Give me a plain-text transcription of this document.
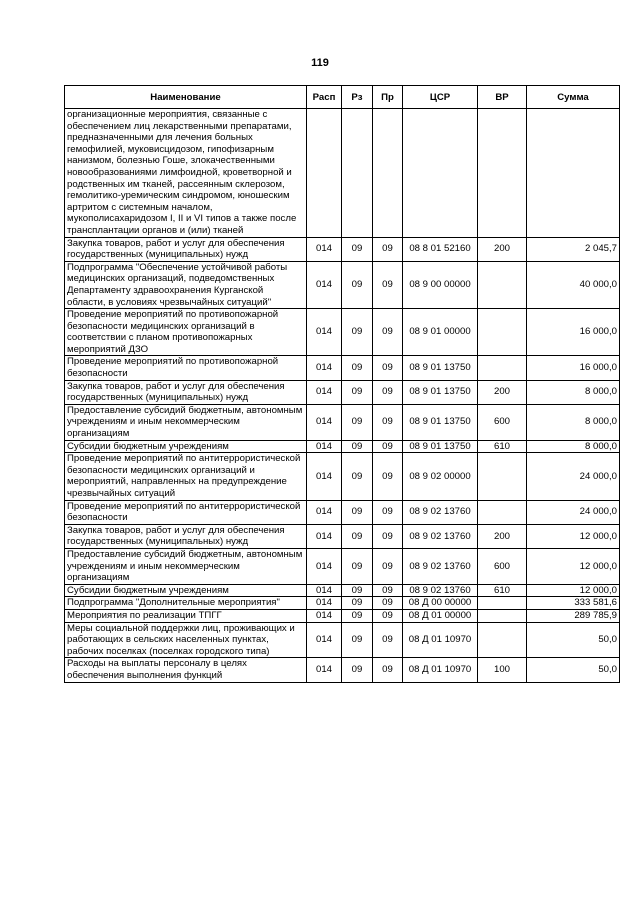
119
Наименование	Расп	Рз	Пр	ЦСР	ВР	Сумма
организационные мероприятия, связанные с обеспечением лиц лекарственными препаратами, предназначенными для лечения больных гемофилией, муковисцидозом, гипофизарным нанизмом, болезнью Гоше, злокачественными новообразованиями лимфоидной, кроветворной и родственных им тканей, рассеянным склерозом, гемолитико-уремическим синдромом, юношеским артритом с системным началом, мукополисахаридозом I, II и VI типов а также после трансплантации органов и (или) тканей						
Закупка товаров, работ и услуг для обеспечения государственных (муниципальных) нужд	014	09	09	08 8 01 52160	200	2 045,7
Подпрограмма "Обеспечение устойчивой работы медицинских организаций, подведомственных Департаменту здравоохранения Курганской области, в условиях чрезвычайных ситуаций"	014	09	09	08 9 00 00000		40 000,0
Проведение мероприятий по противопожарной безопасности медицинских организаций в соответствии с планом противопожарных мероприятий ДЗО	014	09	09	08 9 01 00000		16 000,0
Проведение мероприятий по противопожарной безопасности	014	09	09	08 9 01 13750		16 000,0
Закупка товаров, работ и услуг для обеспечения государственных (муниципальных) нужд	014	09	09	08 9 01 13750	200	8 000,0
Предоставление субсидий бюджетным, автономным учреждениям и иным некоммерческим организациям	014	09	09	08 9 01 13750	600	8 000,0
Субсидии бюджетным учреждениям	014	09	09	08 9 01 13750	610	8 000,0
Проведение мероприятий по антитеррористической безопасности медицинских организаций и мероприятий, направленных на предупреждение чрезвычайных ситуаций	014	09	09	08 9 02 00000		24 000,0
Проведение мероприятий по антитеррористической безопасности	014	09	09	08 9 02 13760		24 000,0
Закупка товаров, работ и услуг для обеспечения государственных (муниципальных) нужд	014	09	09	08 9 02 13760	200	12 000,0
Предоставление субсидий бюджетным, автономным учреждениям и иным некоммерческим организациям	014	09	09	08 9 02 13760	600	12 000,0
Субсидии бюджетным учреждениям	014	09	09	08 9 02 13760	610	12 000,0
Подпрограмма "Дополнительные мероприятия"	014	09	09	08 Д 00 00000		333 581,6
Мероприятия по реализации ТПГГ	014	09	09	08 Д 01 00000		289 785,9
Меры социальной поддержки лиц, проживающих и работающих в сельских населенных пунктах, рабочих поселках (поселках городского типа)	014	09	09	08 Д 01 10970		50,0
Расходы на выплаты персоналу в целях обеспечения выполнения функций	014	09	09	08 Д 01 10970	100	50,0
